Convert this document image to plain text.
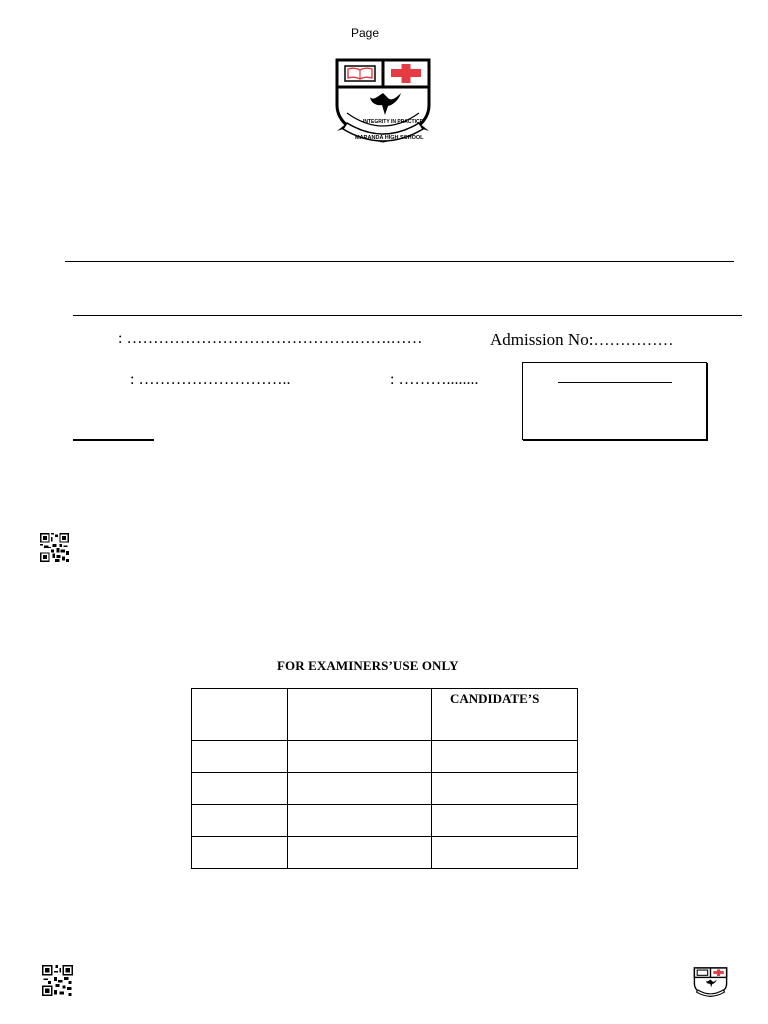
Page
INTEGRITY IN PRACTICE
MARANDA HIGH SCHOOL
: …………………………………….…….……	Admission No:……………
: ………………………..	: ………........
FOR EXAMINERS’USE ONLY
		CANDIDATE’S
